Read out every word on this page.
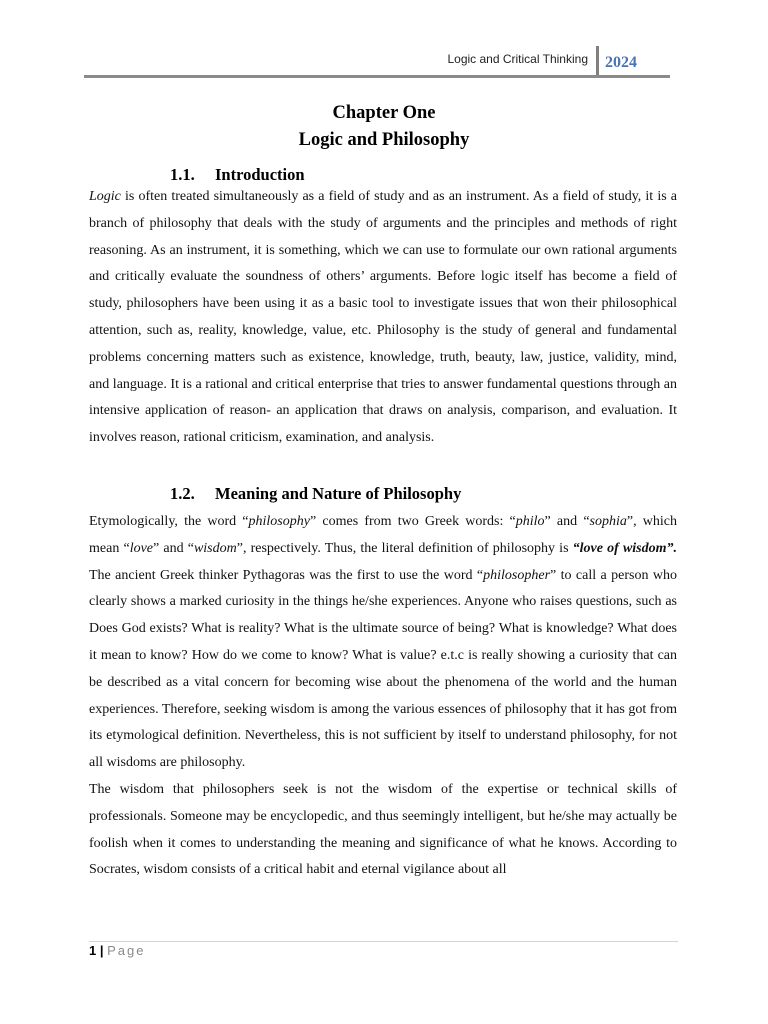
Logic and Critical Thinking	2024
Chapter One
Logic and Philosophy
1.1. Introduction

Logic is often treated simultaneously as a field of study and as an instrument. As a field of study, it is a branch of philosophy that deals with the study of arguments and the principles and methods of right reasoning. As an instrument, it is something, which we can use to formulate our own rational arguments and critically evaluate the soundness of others’ arguments. Before logic itself has become a field of study, philosophers have been using it as a basic tool to investigate issues that won their philosophical attention, such as, reality, knowledge, value, etc. Philosophy is the study of general and fundamental problems concerning matters such as existence, knowledge, truth, beauty, law, justice, validity, mind, and language. It is a rational and critical enterprise that tries to answer fundamental questions through an intensive application of reason- an application that draws on analysis, comparison, and evaluation. It involves reason, rational criticism, examination, and analysis.

1.2. Meaning and Nature of Philosophy

Etymologically, the word “philosophy” comes from two Greek words: “philo” and “sophia”, which mean “love” and “wisdom”, respectively. Thus, the literal definition of philosophy is “love of wisdom”. The ancient Greek thinker Pythagoras was the first to use the word “philosopher” to call a person who clearly shows a marked curiosity in the things he/she experiences. Anyone who raises questions, such as Does God exists? What is reality? What is the ultimate source of being? What is knowledge? What does it mean to know? How do we come to know? What is value? e.t.c is really showing a curiosity that can be described as a vital concern for becoming wise about the phenomena of the world and the human experiences. Therefore, seeking wisdom is among the various essences of philosophy that it has got from its etymological definition. Nevertheless, this is not sufficient by itself to understand philosophy, for not all wisdoms are philosophy.

The wisdom that philosophers seek is not the wisdom of the expertise or technical skills of professionals. Someone may be encyclopedic, and thus seemingly intelligent, but he/she may actually be foolish when it comes to understanding the meaning and significance of what he knows. According to Socrates, wisdom consists of a critical habit and eternal vigilance about all

1 | Page
